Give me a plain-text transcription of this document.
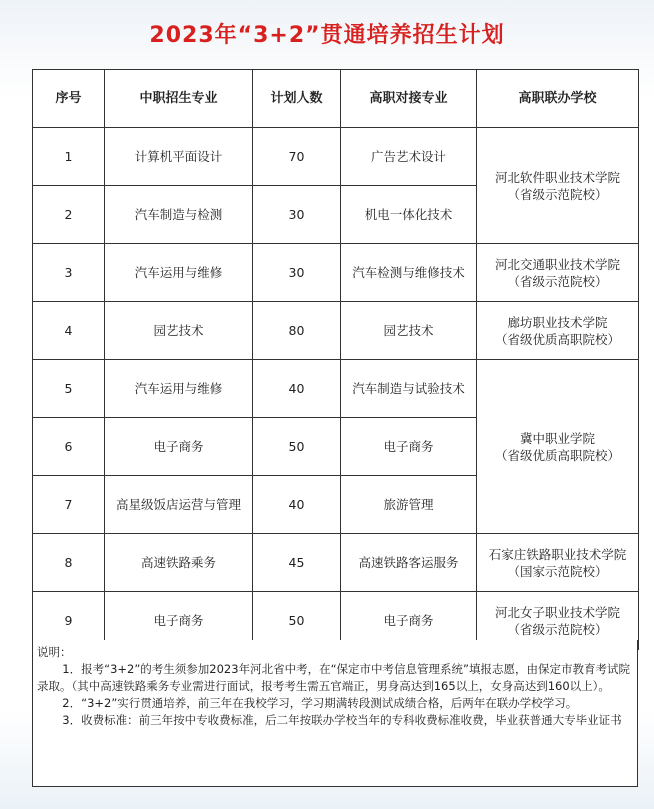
2023年“3+2”贯通培养招生计划
序号	中职招生专业	计划人数	高职对接专业	高职联办学校
1	计算机平面设计	70	广告艺术设计	河北软件职业技术学院
（省级示范院校）

2	汽车制造与检测	30	机电一体化技术	
3	汽车运用与维修	30	汽车检测与维修技术	河北交通职业技术学院
（省级示范院校）

4	园艺技术	80	园艺技术	廊坊职业技术学院
（省级优质高职院校）

5	汽车运用与维修	40	汽车制造与试验技术	冀中职业学院
（省级优质高职院校）

6	电子商务	50	电子商务	
7	高星级饭店运营与管理	40	旅游管理	
8	高速铁路乘务	45	高速铁路客运服务	石家庄铁路职业技术学院
（国家示范院校）

9	电子商务	50	电子商务	河北女子职业技术学院
（省级示范院校）

说明：

1．报考“3+2”的考生须参加2023年河北省中考，在“保定市中考信息管理系统”填报志愿，由保定市教育考试院录取。（其中高速铁路乘务专业需进行面试，报考考生需五官端正，男身高达到165以上，女身高达到160以上）。

2．“3+2”实行贯通培养，前三年在我校学习，学习期满转段测试成绩合格，后两年在联办学校学习。

3．收费标准：前三年按中专收费标准，后二年按联办学校当年的专科收费标准收费，毕业获普通大专毕业证书
